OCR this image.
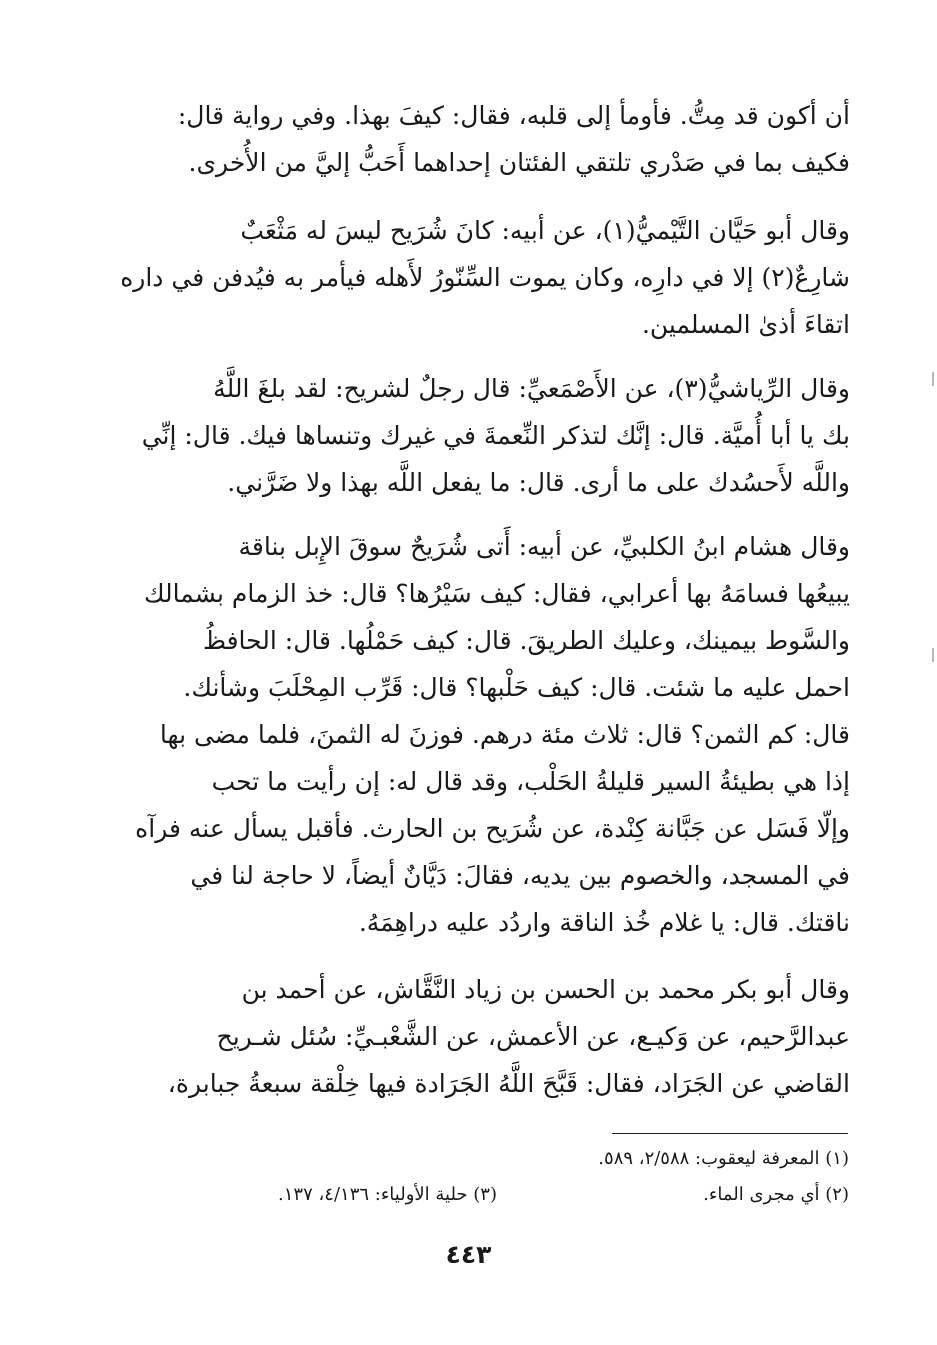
أن أكون قد مِتُّ. فأومأ إلى قلبه، فقال: كيفَ بهذا. وفي رواية قال:
فكيف بما في صَدْري تلتقي الفئتان إحداهما أَحَبُّ إليَّ من الأُخرى.
وقال أبو حَيَّان التَّيْميُّ(١)، عن أبيه: كانَ شُرَيح ليسَ له مَثْعَبٌ
شارِعٌ(٢) إلا في دارِه، وكان يموت السِّنّورُ لأَهله فيأمر به فيُدفن في داره
اتقاءَ أذىٰ المسلمين.
وقال الرِّياشيُّ(٣)، عن الأَصْمَعيِّ: قال رجلٌ لشريح: لقد بلغَ اللَّهُ
بك يا أبا أُميَّة. قال: إنَّك لتذكر النِّعمةَ في غيرك وتنساها فيك. قال: إنِّي
واللَّه لأَحسُدك على ما أرى. قال: ما يفعل اللَّه بهذا ولا ضَرَّني.
وقال هشام ابنُ الكلبيِّ، عن أبيه: أَتى شُرَيحٌ سوقَ الإِبل بناقة
يبيعُها فسامَهُ بها أعرابي، فقال: كيف سَيْرُها؟ قال: خذ الزمام بشمالك
والسَّوط بيمينك، وعليك الطريقَ. قال: كيف حَمْلُها. قال: الحافظُ
احمل عليه ما شئت. قال: كيف حَلْبها؟ قال: قَرِّب المِحْلَبَ وشأنك.
قال: كم الثمن؟ قال: ثلاث مئة درهم. فوزنَ له الثمنَ، فلما مضى بها
إذا هي بطيئةُ السير قليلةُ الحَلْب، وقد قال له: إن رأيت ما تحب
وإلّا فَسَل عن جَبَّانة كِنْدة، عن شُرَيح بن الحارث. فأقبل يسأل عنه فرآه
في المسجد، والخصوم بين يديه، فقالَ: دَيَّانٌ أيضاً، لا حاجة لنا في
ناقتك. قال: يا غلام خُذ الناقة واردُد عليه دراهِمَهُ.
وقال أبو بكر محمد بن الحسن بن زياد النَّقَّاش، عن أحمد بن
عبدالرَّحيم، عن وَكيـع، عن الأعمش، عن الشَّعْبـيِّ: سُئل شـريح
القاضي عن الجَرَاد، فقال: قَبَّحَ اللَّهُ الجَرَادة فيها خِلْقة سبعةُ جبابرة،
(١) المعرفة ليعقوب: ٢/٥٨٨، ٥٨٩.
(٢) أي مجرى الماء.
(٣) حلية الأولياء: ٤/١٣٦، ١٣٧.
٤٤٣
